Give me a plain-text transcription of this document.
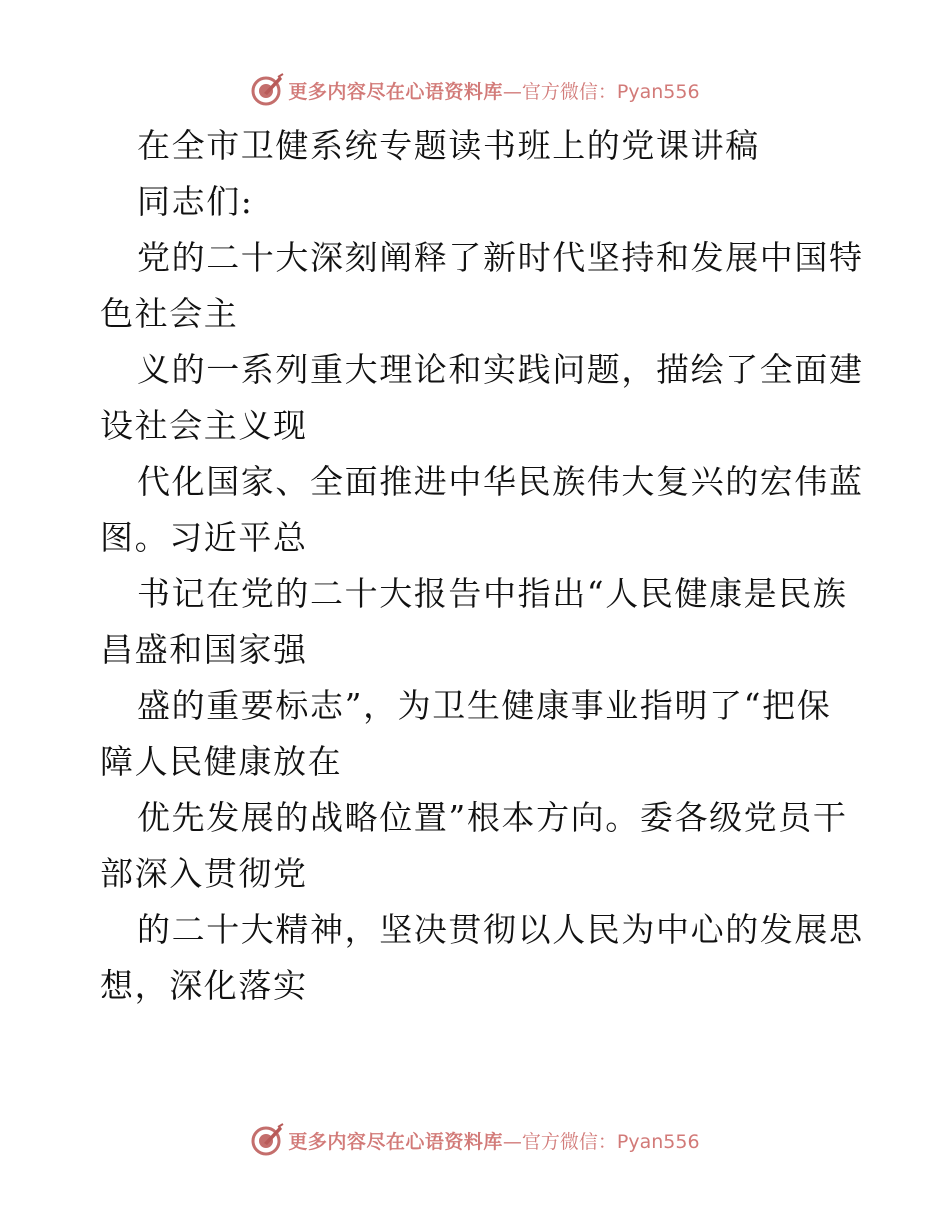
更多内容尽在心语资料库 —官方微信：Pyan556
在全市卫健系统专题读书班上的党课讲稿
同志们:
党的二十大深刻阐释了新时代坚持和发展中国特
色社会主
义的一系列重大理论和实践问题，描绘了全面建
设社会主义现
代化国家、全面推进中华民族伟大复兴的宏伟蓝
图。习近平总
书记在党的二十大报告中指出“人民健康是民族
昌盛和国家强
盛的重要标志”，为卫生健康事业指明了“把保
障人民健康放在
优先发展的战略位置”根本方向。委各级党员干
部深入贯彻党
的二十大精神，坚决贯彻以人民为中心的发展思
想，深化落实
更多内容尽在心语资料库 —官方微信：Pyan556
